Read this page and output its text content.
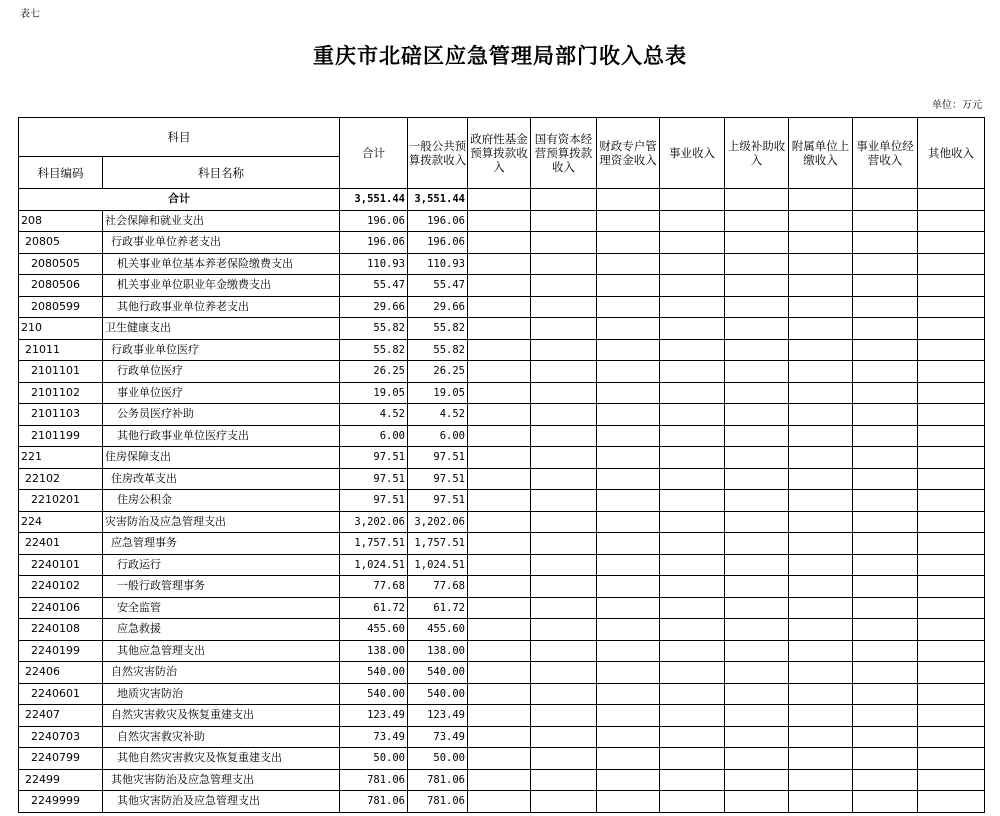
表七
重庆市北碚区应急管理局部门收入总表
单位：万元
科目		合计	一般公共预算拨款收入	政府性基金预算拨款收入	国有资本经营预算拨款收入	财政专户管理资金收入	事业收入	上级补助收入	附属单位上缴收入	事业单位经营收入	其他收入
科目编码	科目名称										
合计		3,551.44	3,551.44								
208	社会保障和就业支出	196.06	196.06								
20805	行政事业单位养老支出	196.06	196.06								
2080505	机关事业单位基本养老保险缴费支出	110.93	110.93								
2080506	机关事业单位职业年金缴费支出	55.47	55.47								
2080599	其他行政事业单位养老支出	29.66	29.66								
210	卫生健康支出	55.82	55.82								
21011	行政事业单位医疗	55.82	55.82								
2101101	行政单位医疗	26.25	26.25								
2101102	事业单位医疗	19.05	19.05								
2101103	公务员医疗补助	4.52	4.52								
2101199	其他行政事业单位医疗支出	6.00	6.00								
221	住房保障支出	97.51	97.51								
22102	住房改革支出	97.51	97.51								
2210201	住房公积金	97.51	97.51								
224	灾害防治及应急管理支出	3,202.06	3,202.06								
22401	应急管理事务	1,757.51	1,757.51								
2240101	行政运行	1,024.51	1,024.51								
2240102	一般行政管理事务	77.68	77.68								
2240106	安全监管	61.72	61.72								
2240108	应急救援	455.60	455.60								
2240199	其他应急管理支出	138.00	138.00								
22406	自然灾害防治	540.00	540.00								
2240601	地质灾害防治	540.00	540.00								
22407	自然灾害救灾及恢复重建支出	123.49	123.49								
2240703	自然灾害救灾补助	73.49	73.49								
2240799	其他自然灾害救灾及恢复重建支出	50.00	50.00								
22499	其他灾害防治及应急管理支出	781.06	781.06								
2249999	其他灾害防治及应急管理支出	781.06	781.06								
